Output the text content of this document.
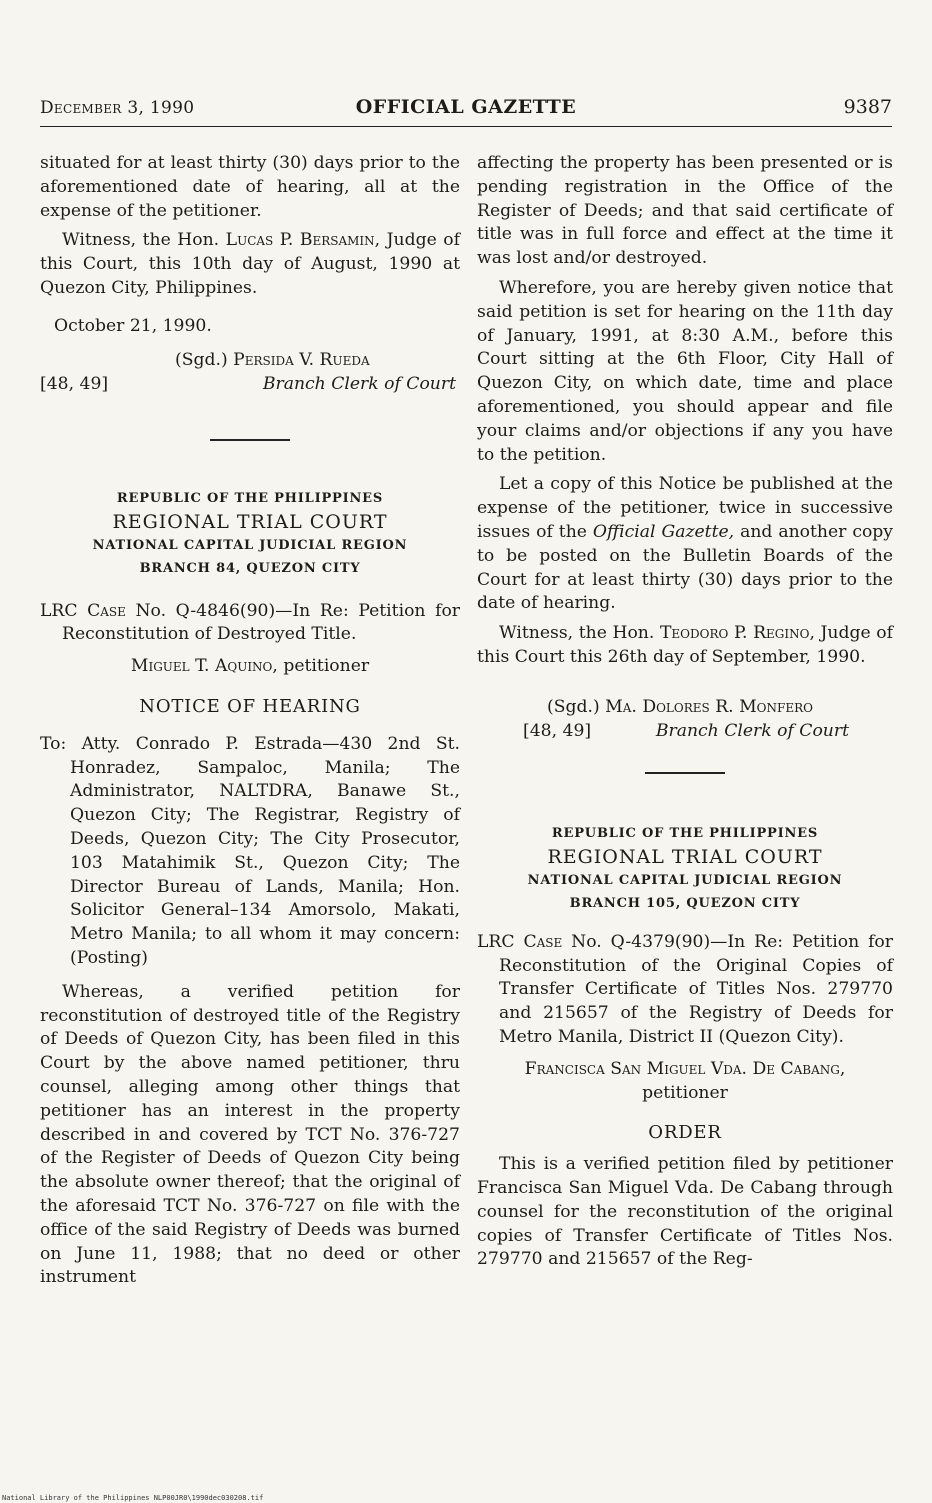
December 3, 1990	OFFICIAL GAZETTE	9387

situated for at least thirty (30) days prior to the aforementioned date of hearing, all at the expense of the petitioner.

Witness, the Hon. Lucas P. Bersamin, Judge of this Court, this 10th day of August, 1990 at Quezon City, Philippines.

October 21, 1990.

(Sgd.) Persida V. Rueda
[48, 49]	Branch Clerk of Court

REPUBLIC OF THE PHILIPPINES

REGIONAL TRIAL COURT

NATIONAL CAPITAL JUDICIAL REGION

BRANCH 84, QUEZON CITY

LRC Case No. Q-4846(90)—In Re: Petition for Reconstitution of Destroyed Title.

Miguel T. Aquino, petitioner

NOTICE OF HEARING

To: Atty. Conrado P. Estrada—430 2nd St. Honradez, Sampaloc, Manila; The Administrator, NALTDRA, Banawe St., Quezon City; The Registrar, Registry of Deeds, Quezon City; The City Prosecutor, 103 Matahimik St., Quezon City; The Director Bureau of Lands, Manila; Hon. Solicitor General–134 Amorsolo, Makati, Metro Manila; to all whom it may concern: (Posting)

Whereas, a verified petition for reconstitution of destroyed title of the Registry of Deeds of Quezon City, has been filed in this Court by the above named petitioner, thru counsel, alleging among other things that petitioner has an interest in the property described in and covered by TCT No. 376-727 of the Register of Deeds of Quezon City being the absolute owner thereof; that the original of the aforesaid TCT No. 376-727 on file with the office of the said Registry of Deeds was burned on June 11, 1988; that no deed or other instrument

affecting the property has been presented or is pending registration in the Office of the Register of Deeds; and that said certificate of title was in full force and effect at the time it was lost and/or destroyed.

Wherefore, you are hereby given notice that said petition is set for hearing on the 11th day of January, 1991, at 8:30 A.M., before this Court sitting at the 6th Floor, City Hall of Quezon City, on which date, time and place aforementioned, you should appear and file your claims and/or objections if any you have to the petition.

Let a copy of this Notice be published at the expense of the petitioner, twice in successive issues of the Official Gazette, and another copy to be posted on the Bulletin Boards of the Court for at least thirty (30) days prior to the date of hearing.

Witness, the Hon. Teodoro P. Regino, Judge of this Court this 26th day of September, 1990.

(Sgd.) Ma. Dolores R. Monfero
[48, 49]	Branch Clerk of Court

REPUBLIC OF THE PHILIPPINES

REGIONAL TRIAL COURT

NATIONAL CAPITAL JUDICIAL REGION

BRANCH 105, QUEZON CITY

LRC Case No. Q-4379(90)—In Re: Petition for Reconstitution of the Original Copies of Transfer Certificate of Titles Nos. 279770 and 215657 of the Registry of Deeds for Metro Manila, District II (Quezon City).

Francisca San Miguel Vda. De Cabang,
petitioner

ORDER

This is a verified petition filed by petitioner Francisca San Miguel Vda. De Cabang through counsel for the reconstitution of the original copies of Transfer Certificate of Titles Nos. 279770 and 215657 of the Reg-

National Library of the Philippines NLP00JR0\1990dec030208.tif
